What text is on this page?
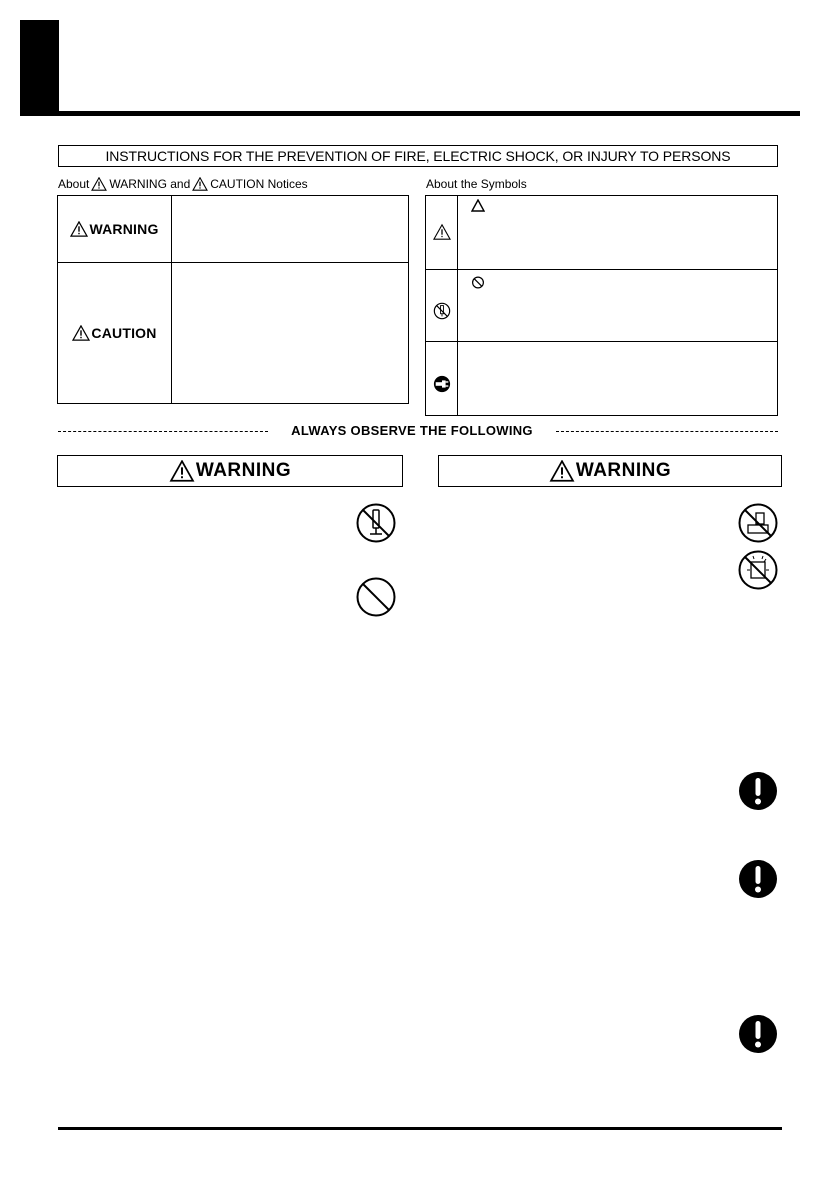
INSTRUCTIONS FOR THE PREVENTION OF FIRE, ELECTRIC SHOCK, OR INJURY TO PERSONS
About WARNING and CAUTION Notices
WARNING
CAUTION
About the Symbols
ALWAYS OBSERVE THE FOLLOWING
WARNING	WARNING
